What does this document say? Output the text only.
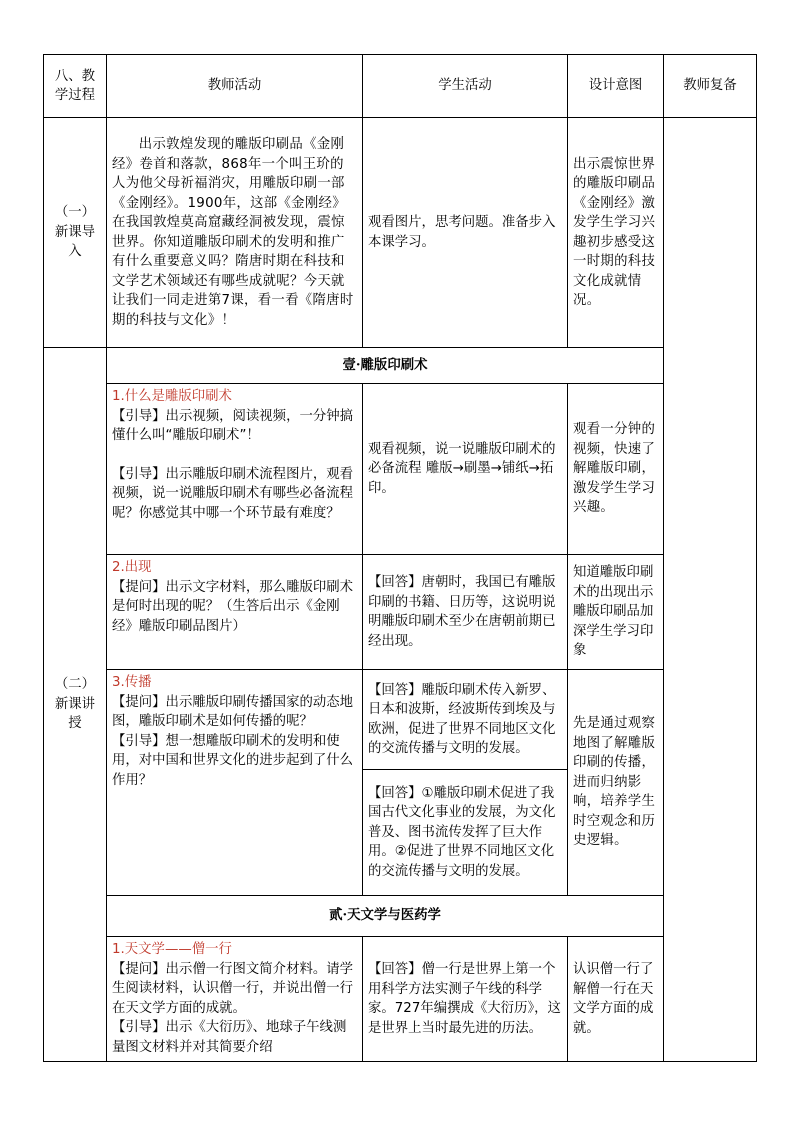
八、教学过程	教师活动	学生活动	设计意图	教师复备
（一）新课导入	出示敦煌发现的雕版印刷品《金刚经》卷首和落款，868年一个叫王玠的人为他父母祈福消灾，用雕版印刷一部《金刚经》。1900年，这部《金刚经》在我国敦煌莫高窟藏经洞被发现，震惊世界。你知道雕版印刷术的发明和推广有什么重要意义吗？隋唐时期在科技和文学艺术领域还有哪些成就呢？今天就让我们一同走进第7课，看一看《隋唐时期的科技与文化》！	观看图片，思考问题。准备步入本课学习。	出示震惊世界的雕版印刷品《金刚经》激发学生学习兴趣初步感受这一时期的科技文化成就情况。	
（二）新课讲授	壹·雕版印刷术			

	1.什么是雕版印刷术

【引导】出示视频，阅读视频，一分钟搞懂什么叫“雕版印刷术”！

【引导】出示雕版印刷术流程图片，观看视频，说一说雕版印刷术有哪些必备流程呢？你感觉其中哪一个环节最有难度？	观看视频，说一说雕版印刷术的必备流程 雕版→刷墨→铺纸→拓印。	观看一分钟的视频，快速了解雕版印刷，激发学生学习兴趣。	

	2.出现

【提问】出示文字材料，那么雕版印刷术是何时出现的呢？（生答后出示《金刚经》雕版印刷品图片）	【回答】唐朝时，我国已有雕版印刷的书籍、日历等，这说明说明雕版印刷术至少在唐朝前期已经出现。	知道雕版印刷术的出现出示雕版印刷品加深学生学习印象	

	3.传播

【提问】出示雕版印刷传播国家的动态地图，雕版印刷术是如何传播的呢？

【引导】想一想雕版印刷术的发明和使用，对中国和世界文化的进步起到了什么作用？	【回答】雕版印刷术传入新罗、日本和波斯，经波斯传到埃及与欧洲，促进了世界不同地区文化的交流传播与文明的发展。	先是通过观察地图了解雕版印刷的传播，进而归纳影响，培养学生时空观念和历史逻辑。	
		【回答】①雕版印刷术促进了我国古代文化事业的发展，为文化普及、图书流传发挥了巨大作用。②促进了世界不同地区文化的交流传播与文明的发展。		
	贰·天文学与医药学			

	1.天文学——僧一行

【提问】出示僧一行图文简介材料。请学生阅读材料，认识僧一行，并说出僧一行在天文学方面的成就。

【引导】出示《大衍历》、地球子午线测量图文材料并对其简要介绍	【回答】僧一行是世界上第一个用科学方法实测子午线的科学家。727年编撰成《大衍历》，这是世界上当时最先进的历法。	认识僧一行了解僧一行在天文学方面的成就。	
